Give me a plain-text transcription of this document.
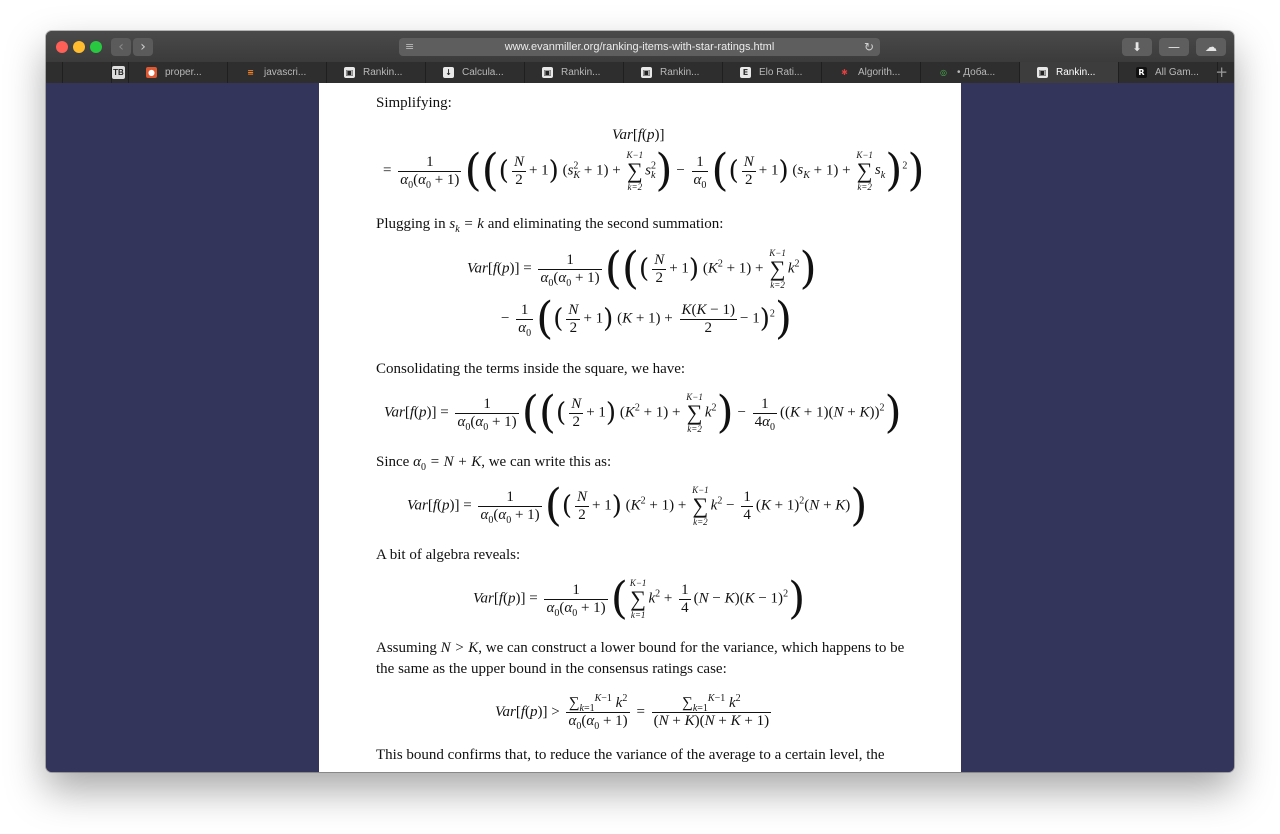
‹	›	≡	www.evanmiller.org/ranking-items-with-star-ratings.html	↻	⬇	—	☁
TB	● proper...	≡ javascri...	▣ Rankin...	↓ Calcula...	▣ Rankin...	▣ Rankin...	E Elo Rati...	✱ Algorith...	◎ • Доба...	▣ Rankin...	R All Gam... +
Simplifying:
Var[f(p)]
= $\frac{1}{\alpha_0(\alpha_0 + 1)}$ ((( $\frac{N}{2} + 1$) $(s^2_K + 1)$ +
K−1
∑
k=2
$s^2_k) - \frac{1}{\alpha_0}$ (( $\frac{N}{2} + 1$) $(s_K + 1)$ +
K−1
∑
k=2
$s_k)^2$)
Plugging in $s_k = k$ and eliminating the second summation:
$Var[f(p)] = \frac{1}{\alpha_0(\alpha_0 + 1)}$ ((( $\frac{N}{2} + 1$) $(K^2 + 1)$ +
K−1
∑
k=2
$k^2$)
− $\frac{1}{\alpha_0}$ (( $\frac{N}{2} + 1$) $(K + 1) + \frac{K(K - 1)}{2} - 1)^2$)
Consolidating the terms inside the square, we have:
$Var[f(p)] = \frac{1}{\alpha_0(\alpha_0 + 1)}$ ((( $\frac{N}{2} + 1$) $(K^2 + 1)$ +
K−1
∑
k=2
$k^2) - \frac{1}{4\alpha_0} ((K + 1)(N + K))^2$)
Since $\alpha_0 = N + K$, we can write this as:
$Var[f(p)] = \frac{1}{\alpha_0(\alpha_0 + 1)}$ (( $\frac{N}{2} + 1$) $(K^2 + 1)$ +
K−1
∑
k=2
$k^2 - \frac{1}{4} (K + 1)^2(N + K)$)
A bit of algebra reveals:
$Var[f(p)] = \frac{1}{\alpha_0(\alpha_0 + 1)}$ ( K−1
∑
k=1
$k^2 + \frac{1}{4} (N - K)(K - 1)^2$)
Assuming N > K, we can construct a lower bound for the variance, which happens to be the same as the upper bound in the consensus ratings case:
$Var[f(p)] > \frac{\sum_{k=1}^{K-1} k^2}{\alpha_0(\alpha_0 + 1)} = \frac{\sum_{k=1}^{K-1} k^2}{(N + K)(N + K + 1)}$
This bound confirms that, to reduce the variance of the average to a certain level, the
